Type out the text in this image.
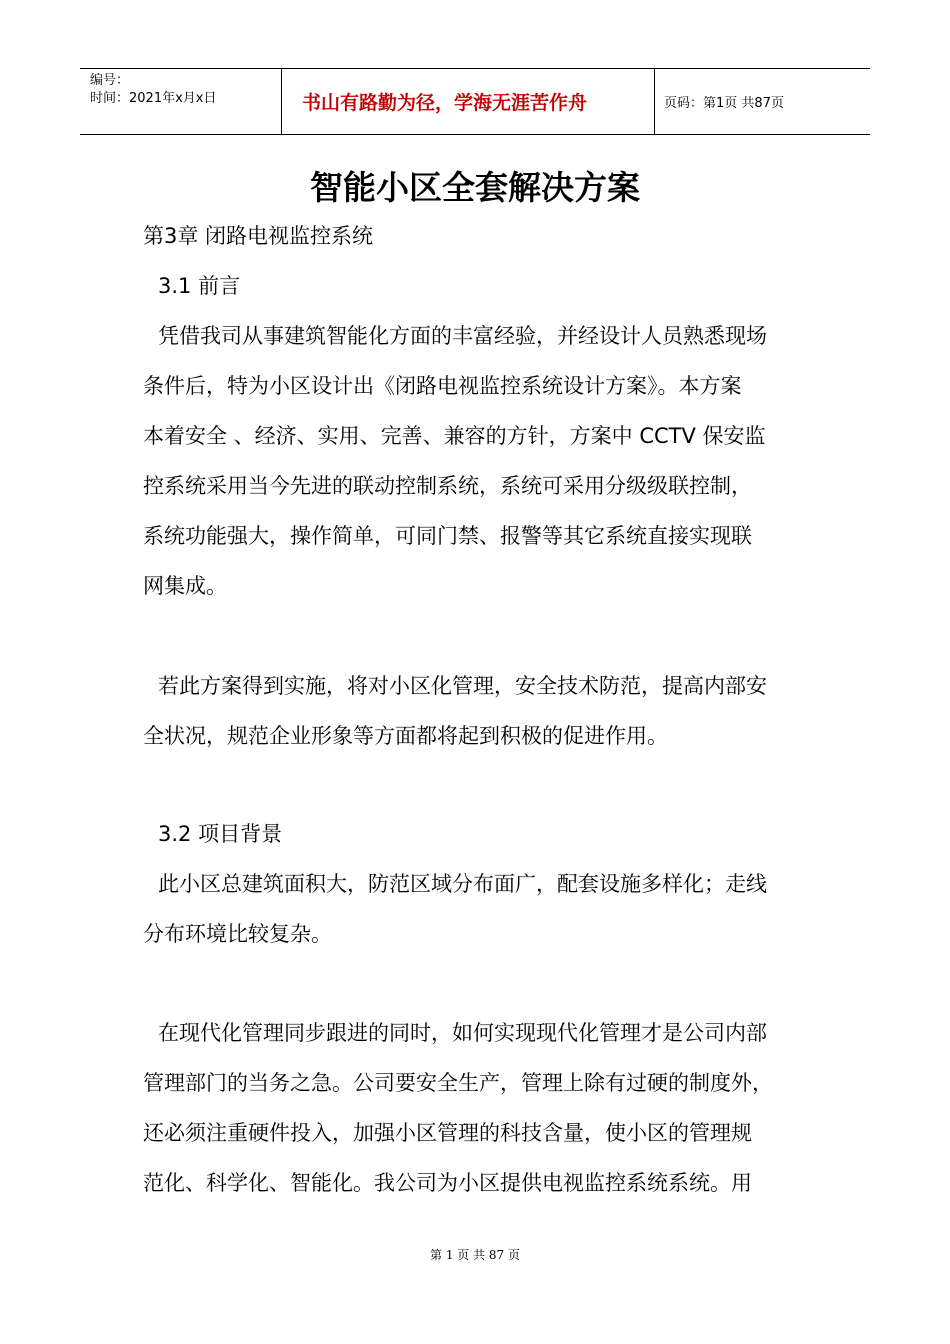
编号：
时间：2021年x月x日	书山有路勤为径，学海无涯苦作舟	页码：第1页 共87页
智能小区全套解决方案

第3章 闭路电视监控系统

3.1 前言

凭借我司从事建筑智能化方面的丰富经验，并经设计人员熟悉现场

条件后，特为小区设计出《闭路电视监控系统设计方案》。本方案

本着安全 、经济、实用、完善、兼容的方针，方案中 CCTV 保安监

控系统采用当今先进的联动控制系统，系统可采用分级级联控制，

系统功能强大，操作简单，可同门禁、报警等其它系统直接实现联

网集成。

若此方案得到实施，将对小区化管理，安全技术防范，提高内部安

全状况，规范企业形象等方面都将起到积极的促进作用。

3.2 项目背景

此小区总建筑面积大，防范区域分布面广，配套设施多样化；走线

分布环境比较复杂。

在现代化管理同步跟进的同时，如何实现现代化管理才是公司内部

管理部门的当务之急。公司要安全生产，管理上除有过硬的制度外，

还必须注重硬件投入，加强小区管理的科技含量，使小区的管理规

范化、科学化、智能化。我公司为小区提供电视监控系统系统。用

第 1 页 共 87 页
